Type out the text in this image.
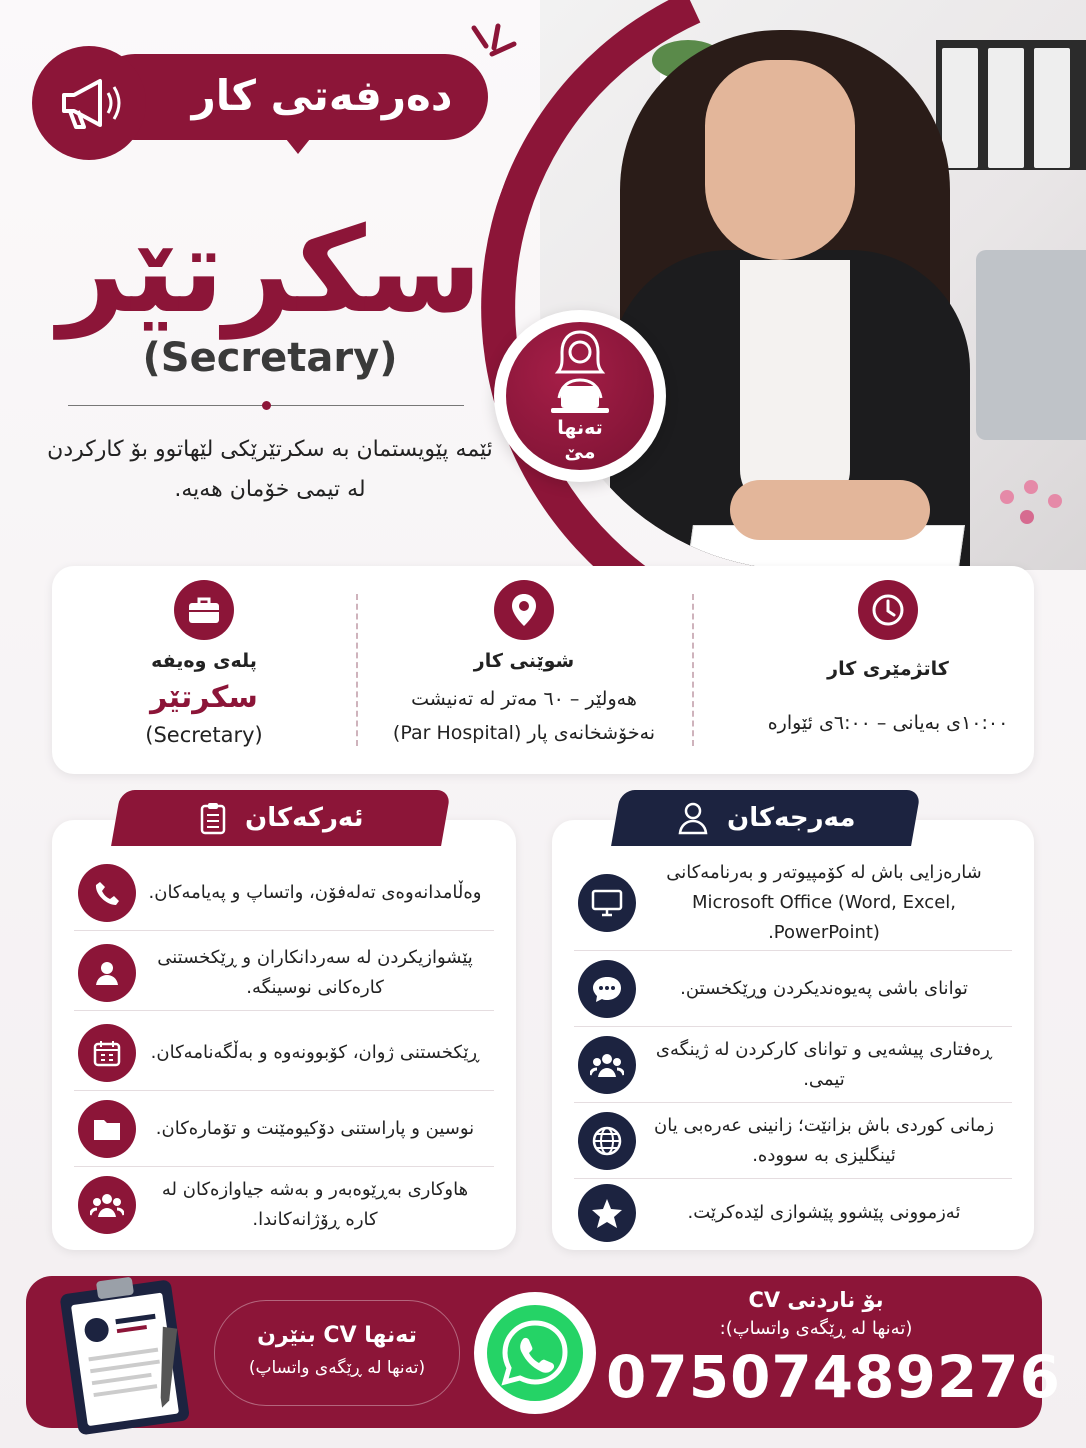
تەنها مێ
دەرفەتی کار
سکرتێر
(Secretary)
ئێمە پێویستمان بە سکرتێرێکی لێهاتوو بۆ کارکردن لە تیمی خۆمان هەیە.
کاتژمێری کار
١٠:٠٠ی بەیانی – ٦:٠٠ی ئێوارە
شوێنی کار
هەولێر – ٦٠ مەتر لە تەنیشت
نەخۆشخانەی پار (Par Hospital)
پلەی وەیفە
سکرتێر
(Secretary)
ئەرکەکان
وەڵامدانەوەی تەلەفۆن، واتساپ و پەیامەکان.
پێشوازیکردن لە سەردانکاران و ڕێکخستنی کارەکانی نوسینگە.
ڕێکخستنی ژوان، کۆبوونەوە و بەڵگەنامەکان.
نوسین و پاراستنی دۆکیومێنت و تۆمارەکان.
هاوکاری بەڕێوەبەر و بەشە جیاوازەکان لە کارە ڕۆژانەکاندا.
مەرجەکان
شارەزایی باش لە کۆمپیوتەر و بەرنامەکانی Microsoft Office (Word, Excel, PowerPoint).
توانای باشی پەیوەندیکردن وڕێکخستن.
ڕەفتاری پیشەیی و توانای کارکردن لە ژینگەی تیمی.
زمانی کوردی باش بزانێت؛ زانینی عەرەبی یان ئینگلیزی بە سوودە.
ئەزموونی پێشوو پێشوازی لێدەکرێت.
تەنها CV بنێرن
(تەنها لە ڕێگەی واتساپ)
بۆ ناردنی CV
(تەنها لە ڕێگەی واتساپ):
07507489276
